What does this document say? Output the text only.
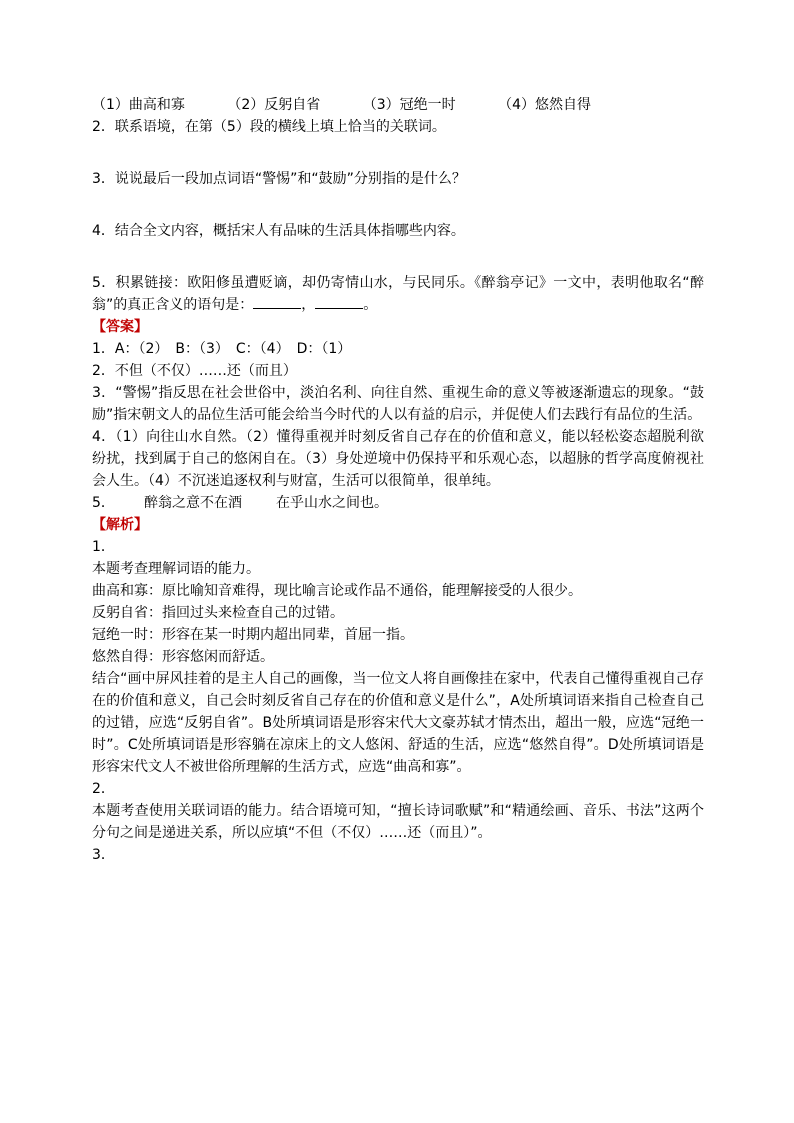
（1）曲高和寡	（2）反躬自省	（3）冠绝一时	（4）悠然自得
2．联系语境，在第（5）段的横线上填上恰当的关联词。
3．说说最后一段加点词语“警惕”和“鼓励”分别指的是什么？
4．结合全文内容，概括宋人有品味的生活具体指哪些内容。
5．积累链接：欧阳修虽遭贬谪，却仍寄情山水，与民同乐。《醉翁亭记》一文中，表明他取名“醉翁”的真正含义的语句是：	，	。
【答案】
1．A：（2）　B：（3）　C：（4）　D：（1）
2．不但（不仅）……还（而且）
3．“警惕”指反思在社会世俗中，淡泊名利、向往自然、重视生命的意义等被逐渐遗忘的现象。“鼓励”指宋朝文人的品位生活可能会给当今时代的人以有益的启示，并促使人们去践行有品位的生活。
4．（1）向往山水自然。（2）懂得重视并时刻反省自己存在的价值和意义，能以轻松姿态超脱利欲纷扰，找到属于自己的悠闲自在。（3）身处逆境中仍保持平和乐观心态，以超脉的哲学高度俯视社会人生。（4）不沉迷追逐权利与财富，生活可以很简单，很单纯。
5． 醉翁之意不在酒 在乎山水之间也。
【解析】
1．
本题考查理解词语的能力。
曲高和寡：原比喻知音难得，现比喻言论或作品不通俗，能理解接受的人很少。
反躬自省：指回过头来检查自己的过错。
冠绝一时：形容在某一时期内超出同辈，首屈一指。
悠然自得：形容悠闲而舒适。
结合“画中屏风挂着的是主人自己的画像，当一位文人将自画像挂在家中，代表自己懂得重视自己存在的价值和意义，自己会时刻反省自己存在的价值和意义是什么”，A处所填词语来指自己检查自己的过错，应选“反躬自省”。B处所填词语是形容宋代大文豪苏轼才情杰出，超出一般，应选“冠绝一时”。C处所填词语是形容躺在凉床上的文人悠闲、舒适的生活，应选“悠然自得”。D处所填词语是形容宋代文人不被世俗所理解的生活方式，应选“曲高和寡”。
2．
本题考查使用关联词语的能力。结合语境可知，“擅长诗词歌赋”和“精通绘画、音乐、书法”这两个分句之间是递进关系，所以应填“不但（不仅）……还（而且）”。
3．
